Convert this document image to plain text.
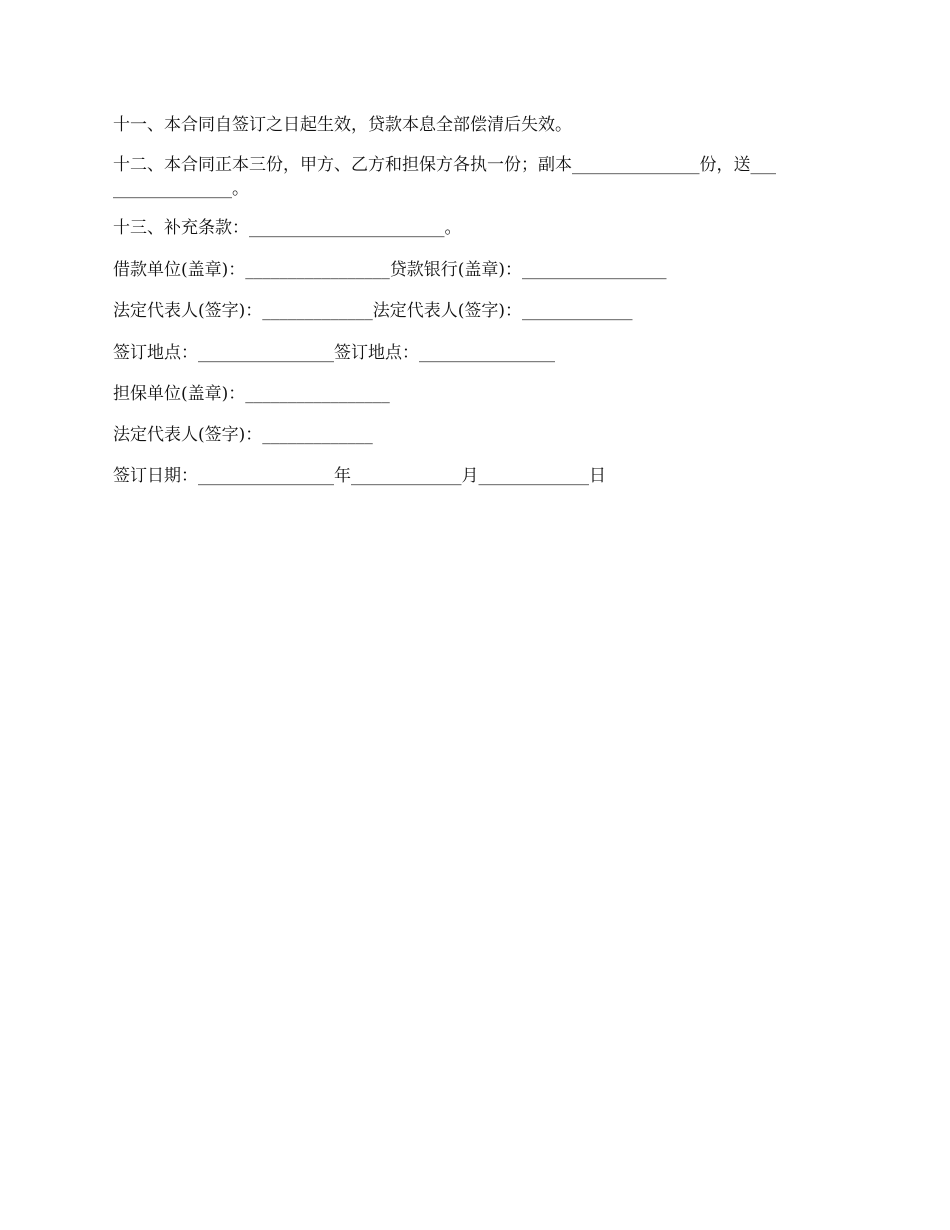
十一、本合同自签订之日起生效，贷款本息全部偿清后失效。
十二、本合同正本三份，甲方、乙方和担保方各执一份；副本_______________份，送___
______________。
十三、补充条款：_______________________。
借款单位(盖章)：_________________贷款银行(盖章)：_________________
法定代表人(签字)：_____________法定代表人(签字)：_____________
签订地点：________________签订地点：________________
担保单位(盖章)：_________________
法定代表人(签字)：_____________
签订日期：________________年_____________月_____________日
